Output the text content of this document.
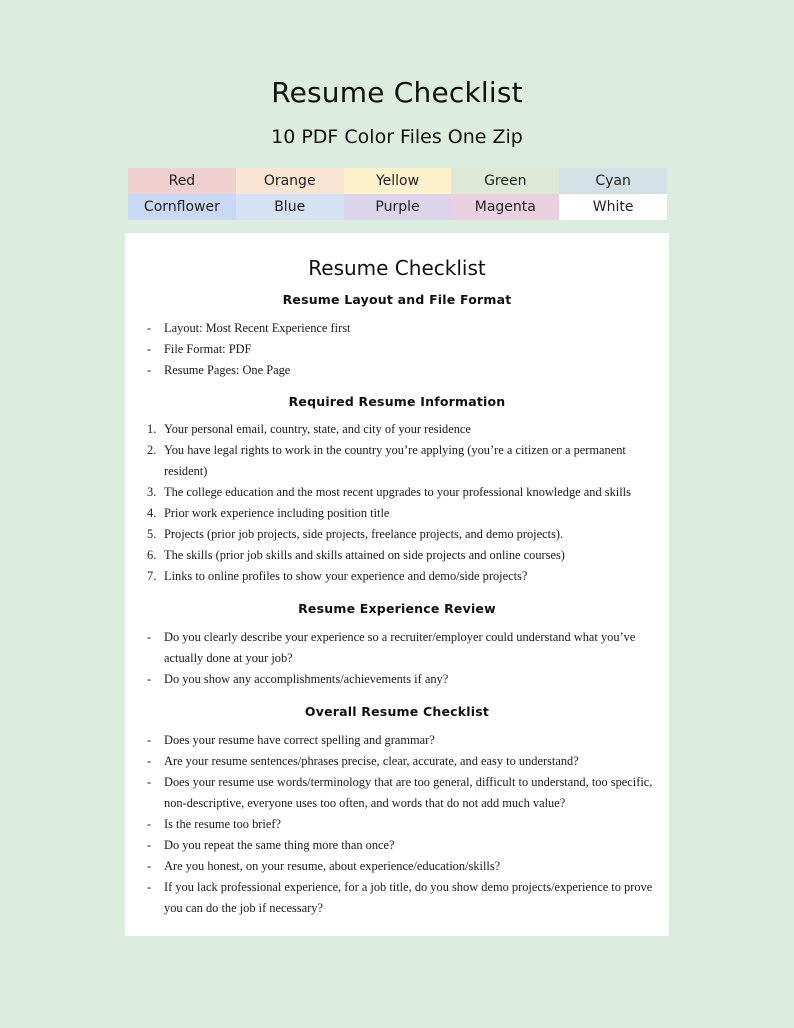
Resume Checklist
10 PDF Color Files One Zip
Red	Orange	Yellow	Green	Cyan
Cornflower	Blue	Purple	Magenta	White
Resume Checklist
Resume Layout and File Format
- Layout: Most Recent Experience first
- File Format: PDF
- Resume Pages: One Page
Required Resume Information
1. Your personal email, country, state, and city of your residence
2. You have legal rights to work in the country you’re applying (you’re a citizen or a permanent resident)
3. The college education and the most recent upgrades to your professional knowledge and skills
4. Prior work experience including position title
5. Projects (prior job projects, side projects, freelance projects, and demo projects).
6. The skills (prior job skills and skills attained on side projects and online courses)
7. Links to online profiles to show your experience and demo/side projects?
Resume Experience Review
- Do you clearly describe your experience so a recruiter/employer could understand what you’ve actually done at your job?
- Do you show any accomplishments/achievements if any?
Overall Resume Checklist
- Does your resume have correct spelling and grammar?
- Are your resume sentences/phrases precise, clear, accurate, and easy to understand?
- Does your resume use words/terminology that are too general, difficult to understand, too specific, non-descriptive, everyone uses too often, and words that do not add much value?
- Is the resume too brief?
- Do you repeat the same thing more than once?
- Are you honest, on your resume, about experience/education/skills?
- If you lack professional experience, for a job title, do you show demo projects/experience to prove you can do the job if necessary?
